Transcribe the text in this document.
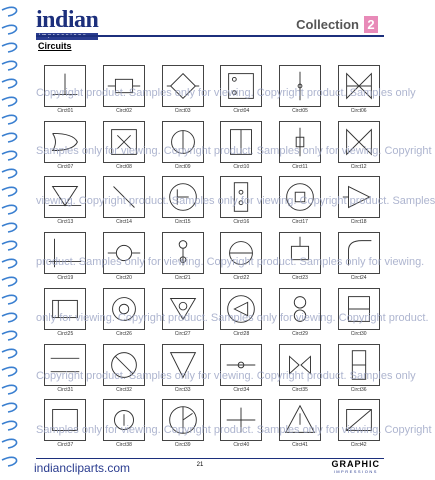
indian	Collection 2
Circuits
Circt01	Circt02	Circt03	Circt04	Circt05	Circt06
Circt07	Circt08	Circt09	Circt10	Circt11	Circt12
Circt13	Circt14	Circt15	Circt16	Circt17	Circt18
Circt19	Circt20	Circt21	Circt22	Circt23	Circt24
Circt25	Circt26	Circt27	Circt28	Circt29	Circt30
Circt31	Circt32	Circt33	Circt34	Circt35	Circt36
Circt37	Circt38	Circt39	Circt40	Circt41	Circt42
Copyright product. Samples only for viewing. Copyright product. Samples only
Samples only for viewing. Copyright product. Samples only for viewing. Copyright
viewing. Copyright product. Samples only for viewing. Copyright product. Samples
product. Samples only for viewing. Copyright product. Samples only for viewing.
only for viewing. Copyright product. Samples only for viewing. Copyright product.
Copyright product. Samples only for viewing. Copyright product. Samples only
Samples only for viewing. Copyright product. Samples only for viewing. Copyright
indiancliparts.com	21	GRAPHIC
IMPRESSIONS
